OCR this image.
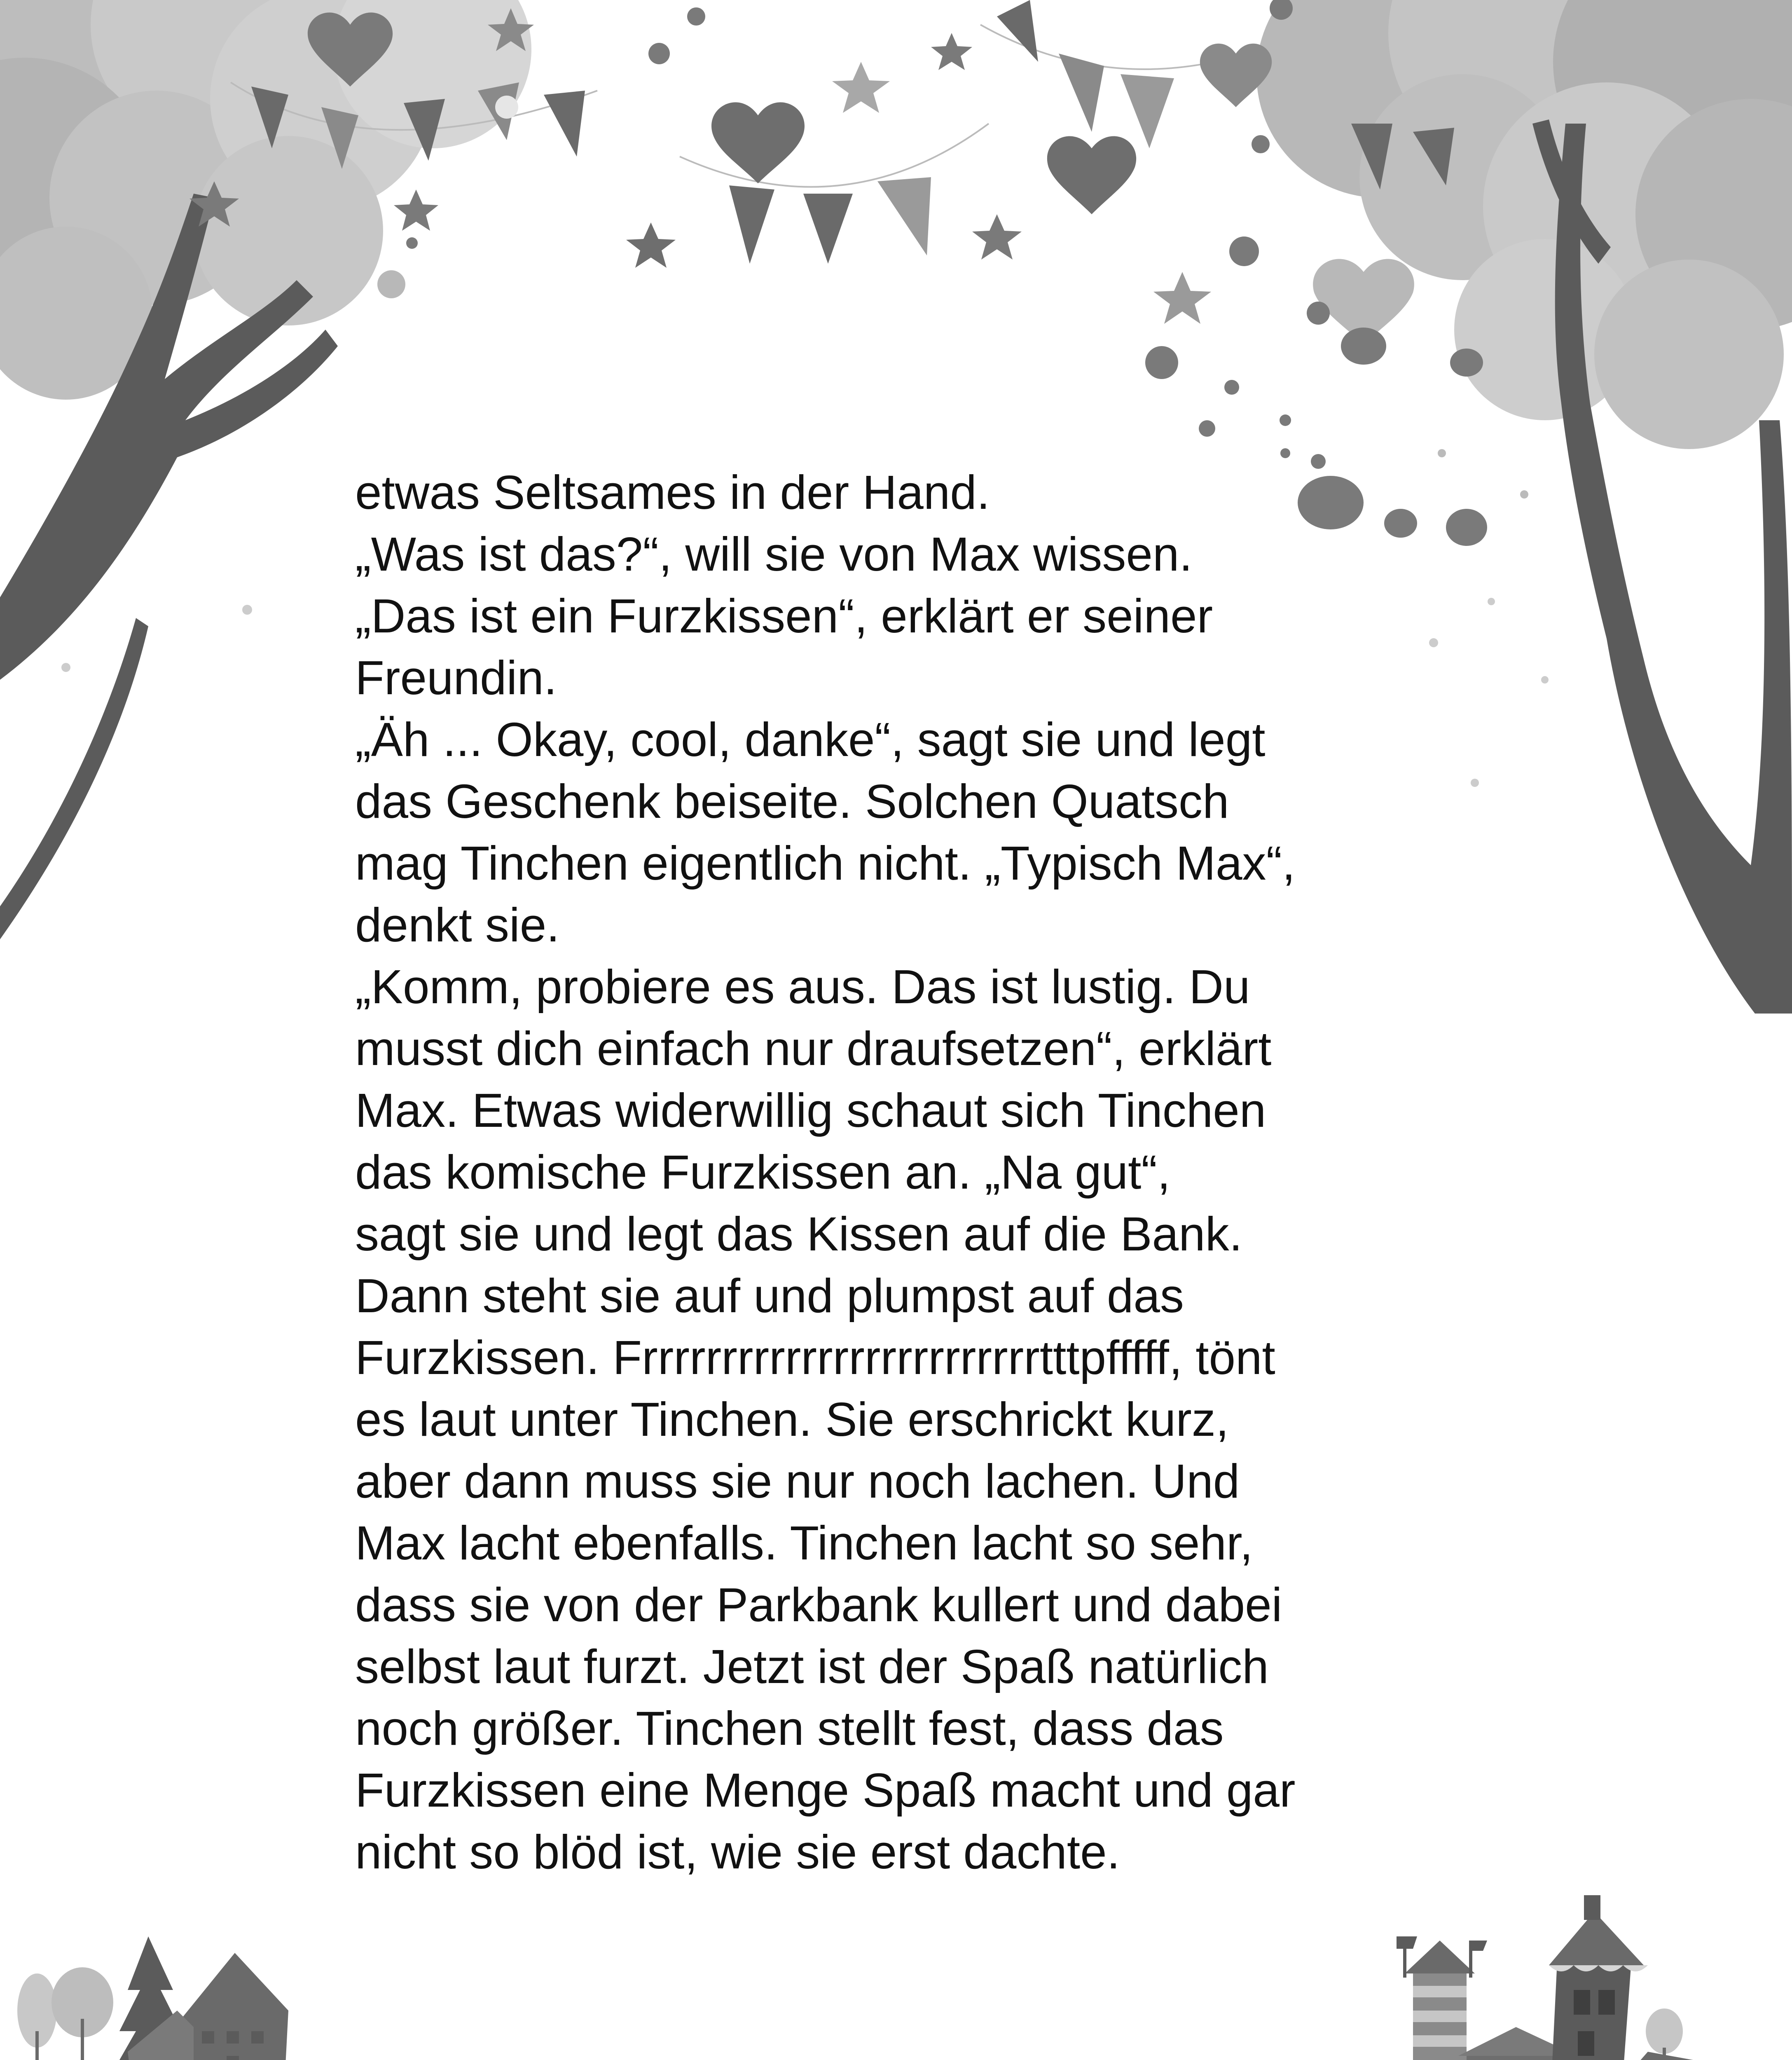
etwas Seltsames in der Hand.
„Was ist das?“, will sie von Max wissen.
„Das ist ein Furzkissen“, erklärt er seiner
Freundin.
„Äh ... Okay, cool, danke“, sagt sie und legt
das Geschenk beiseite. Solchen Quatsch
mag Tinchen eigentlich nicht. „Typisch Max“,
denkt sie.
„Komm, probiere es aus. Das ist lustig. Du
musst dich einfach nur draufsetzen“, erklärt
Max. Etwas widerwillig schaut sich Tinchen
das komische Furzkissen an. „Na gut“,
sagt sie und legt das Kissen auf die Bank.
Dann steht sie auf und plumpst auf das
Furzkissen. Frrrrrrrrrrrrrrrrrrrrrrrrrtttpfffff, tönt
es laut unter Tinchen. Sie erschrickt kurz,
aber dann muss sie nur noch lachen. Und
Max lacht ebenfalls. Tinchen lacht so sehr,
dass sie von der Parkbank kullert und dabei
selbst laut furzt. Jetzt ist der Spaß natürlich
noch größer. Tinchen stellt fest, dass das
Furzkissen eine Menge Spaß macht und gar
nicht so blöd ist, wie sie erst dachte.
